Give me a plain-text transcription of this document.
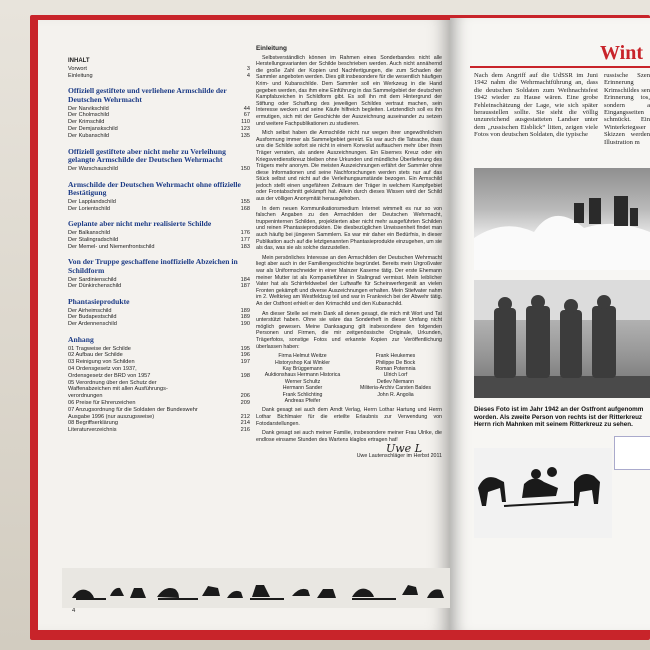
INHALT
Vorwort	3
Einleitung	4
Offiziell gestiftete und verliehene Armschilde der Deutschen Wehrmacht
Der Narvikschild	44
Der Cholmschild	67
Der Krimschild	110
Der Demjanskschild	123
Der Kubanschild	135
Offiziell gestiftete aber nicht mehr zu Verleihung gelangte Armschilde der Deutschen Wehrmacht
Der Warschauschild	150
Armschilde der Deutschen Wehrmacht ohne offizielle Bestätigung
Der Lapplandschild	155
Der Lorientschild	168
Geplante aber nicht mehr realisierte Schilde
Der Balkanschild	176
Der Stalingradschild	177
Der Memel- und Niemenfrontschild	183
Von der Truppe geschaffene inoffizielle Abzeichen in Schildform
Der Sardinienschild	184
Der Dünkirchenschild	187
Phantasieprodukte
Der Airheimschild	189
Der Budapestschild	189
Der Ardennenschild	190
Anhang
01 Tragweise der Schilde	195
02 Aufbau der Schilde	196
03 Reinigung von Schilden	197
04 Ordensgesetz von 1937,
Ordensgesetz der BRD von 1957	198
05 Verordnung über den Schutz der
Waffenabzeichen mit allen Ausführungs-
verordnungen	206
06 Preise für Ehrenzeichen	209
07 Anzugsordnung für die Soldaten der Bundeswehr
Ausgabe 1996 (nur auszugsweise)	212
08 Begriffserklärung	214
Literaturverzeichnis	216
Einleitung

Selbstverständlich können im Rahmen eines Sonderbandes nicht alle Herstellungsvarianten der Schilde beschrieben werden. Auch nicht annähernd die große Zahl der Kopien und Nachfertigungen, die zum Schaden der Sammler angeboten werden. Dies gilt insbesondere für die wesentlich häufigen Krim- und Kubanschilde. Dem Sammler soll ein Werkzeug in die Hand gegeben werden, das ihm eine Einführung in das Sammelgebiet der deutschen Kampfabzeichen in Schildform gibt. Es soll ihn mit dem Hintergrund der Stiftung oder Schaffung des jeweiligen Schildes vertraut machen, sein Interesse wecken und seine Käufe hilfreich begleiten. Letztendlich soll es ihn ermutigen, sich mit der Geschichte der Auszeichnung auseinander zu setzen und weitere Fachpublikationen zu studieren.

Mich selbst haben die Armschilde nicht nur wegen ihrer ungewöhnlichen Ausformung immer als Sammelgebiet gereizt. Es war auch die Tatsache, dass uns die Schilde sofort sie nicht in einem Konvolut auftauchen mehr über ihren Träger verraten, als andere Auszeichnungen. Ein Eisernes Kreuz oder ein Kriegsverdienstkreuz bleiben ohne Urkunden und mündliche Überlieferung des Trägers mehr anonym. Die meisten Auszeichnungen erfährt der Sammler ohne diese Informationen und seine Nachforschungen werden stets nur auf das Stück selbst und nicht auf die Verleihungsumstände bezogen. Ein Armschild jedoch stellt einen ungefähren Zeitraum der Träger in welchem Kampfgebiet oder Frontabschnitt gekämpft hat. Allein durch dieses Wissen wird der Schild aus der völligen Anonymität herausgehoben.

In dem neuen Kommunikationsmedium Internet wimmelt es nur so von falschen Angaben zu den Armschilden der Deutschen Wehrmacht, truppeninternen Schilden, projektierten aber nicht mehr ausgeführten Schilden und reinen Phantasieprodukten. Die diesbezüglichen Unwissenheit findet man auch häufig bei jüngeren Sammlern. Es war mir daher ein Bedürfnis, in dieser Publikation auch auf die letztgenannten Phantasieprodukte einzugehen, um sie als das, was sie als solche darzustellen.

Mein persönliches Interesse an den Armschilden der Deutschen Wehrmacht liegt aber auch in der Familiengeschichte begründet. Bereits mein Urgroßvater war als Uniformschneider in einer Mainzer Kaserne tätig. Der erste Ehemann meiner Mutter ist als Kompanieführer in Stalingrad vermisst. Mein leiblicher Vater hat als Schirrfeldwebel der Luftwaffe für Scheinwerfergerät an vielen Fronten gekämpft und diverse Auszeichnungen erhalten. Mein Stiefvater nahm im 2. Weltkrieg am Westfeldzug teil und war in Frankreich bei der Abwehr tätig. An der Ostfront erhielt er den Krimschild und den Kubanschild.

An dieser Stelle sei mein Dank all denen gesagt, die mich mit Wort und Tat unterstützt haben. Ohne sie wäre das Sonderheft in dieser Umfang nicht möglich gewesen. Meine Danksagung gilt insbesondere den folgenden Personen und Firmen, die mir zeitgenössische Originale, Urkunden, Trägerfotos, sonstige Fotos und erkannte Kopien zur Veröffentlichung überlassen haben:

Firma Helmut Weitze
Historyshop Kai Winkler
Kay Brüggemann
Auktionshaus Hermann Historica
Werner Schultz
Hermann Sander
Frank Schlichting
Andreas Pfeifer
Frank Heukemes
Philippe De Bock
Roman Potemnia
Ulrich Lorf
Detlev Niemann
Militeria-Archiv Carsten Baldes
John R. Angolia

Dank gesagt sei auch dem Arndt Verlag, Herrn Lothar Hartung und Herrn Lothar Bichlmaier für die erteilte Erlaubnis zur Verwendung von Fotodarstellungen.

Dank gesagt sei auch meiner Familie, insbesondere meiner Frau Ulrike, die endlose einsame Stunden des Wartens klaglos ertragen hat!

Uwe L
Uwe Lautenschläger im Herbst 2011
4
Wint
Nach dem Angriff auf die UdSSR im Juni 1942 nahm die Wehrmachtführung an, dass die deutschen Soldaten zum Weihnachtsfest 1942 wieder zu Hause wären. Eine grobe Fehleinschätzung der Lage, wie sich später herausstellen sollte. Sie sieht die völlig unzureichend ausgestatteten Landser unter dem „russischen Eisblick“ litten, zeigen viele Fotos von deutschen Soldaten, die typische
russische Szen Erinnerung Krimschildes sen Erinnerung tos, sondern a Eingangsseiten schmückt. Ein Winterkriegsser Skizzen werden Illustration m
Dieses Foto ist im Jahr 1942 an der Ostfront aufgenomm worden. Als zweite Person von rechts ist der Ritterkreuz Herrn rich Mahnken mit seinem Ritterkreuz zu sehen.
